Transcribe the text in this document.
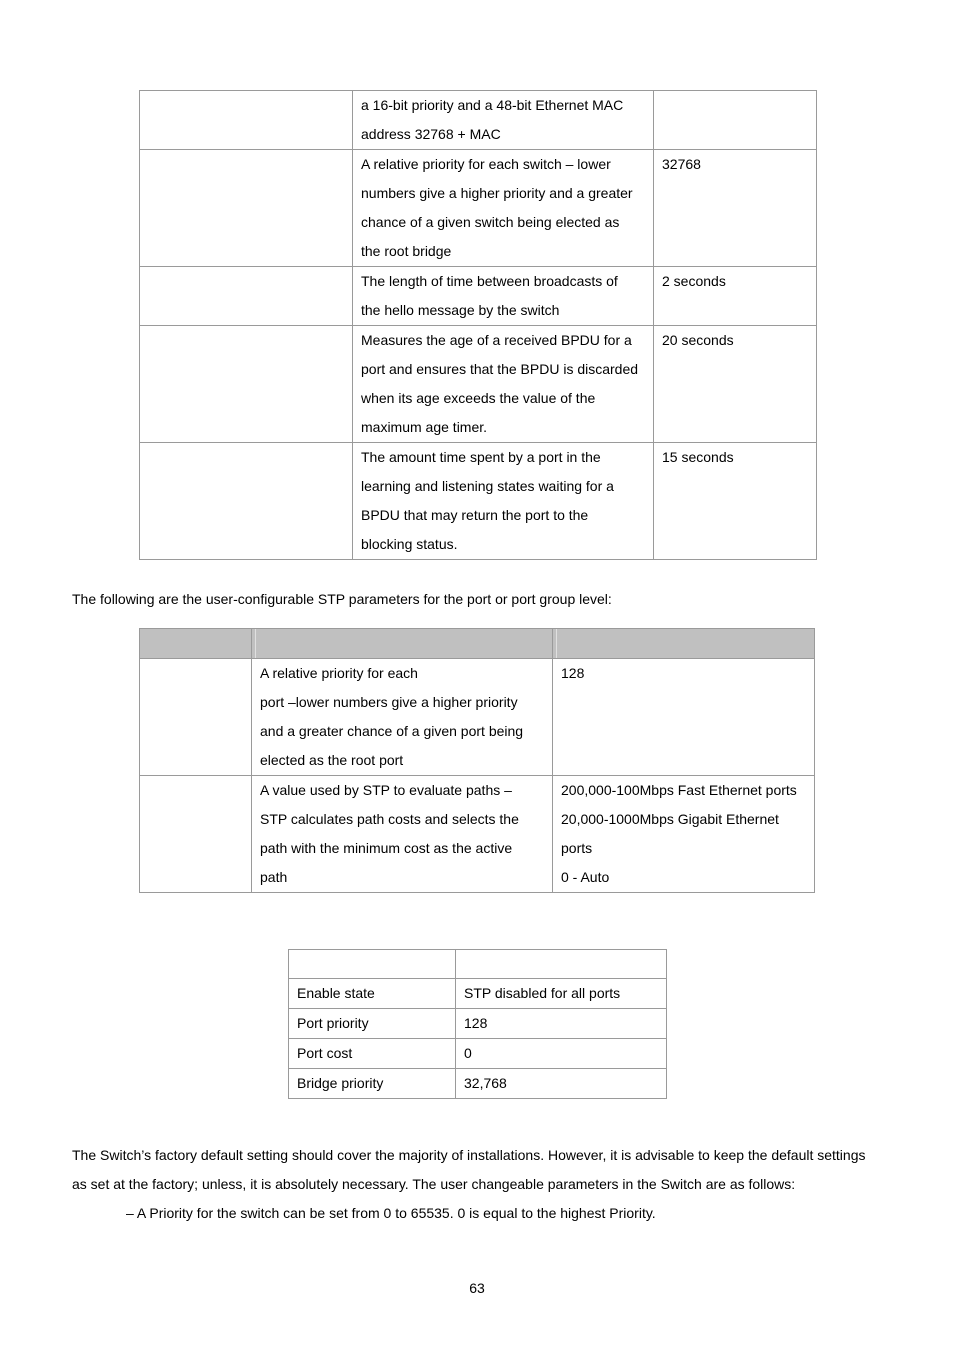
	a 16-bit priority and a 48-bit Ethernet MAC
address 32768 + MAC	

	A relative priority for each switch – lower
numbers give a higher priority and a greater
chance of a given switch being elected as
the root bridge	32768

	The length of time between broadcasts of
the hello message by the switch	2 seconds

	Measures the age of a received BPDU for a
port and ensures that the BPDU is discarded
when its age exceeds the value of the
maximum age timer.	20 seconds

	The amount time spent by a port in the
learning and listening states waiting for a
BPDU that may return the port to the
blocking status.	15 seconds

The following are the user-configurable STP parameters for the port or port group level:

	A relative priority for each
port –lower numbers give a higher priority
and a greater chance of a given port being
elected as the root port	128

	A value used by STP to evaluate paths –
STP calculates path costs and selects the
path with the minimum cost as the active
path	200,000-100Mbps Fast Ethernet ports
20,000-1000Mbps Gigabit Ethernet
ports
0 - Auto

Enable state	STP disabled for all ports

Port priority	128

Port cost	0

Bridge priority	32,768

The Switch’s factory default setting should cover the majority of installations. However, it is advisable to keep the default settings

as set at the factory; unless, it is absolutely necessary. The user changeable parameters in the Switch are as follows:

– A Priority for the switch can be set from 0 to 65535. 0 is equal to the highest Priority.

63
